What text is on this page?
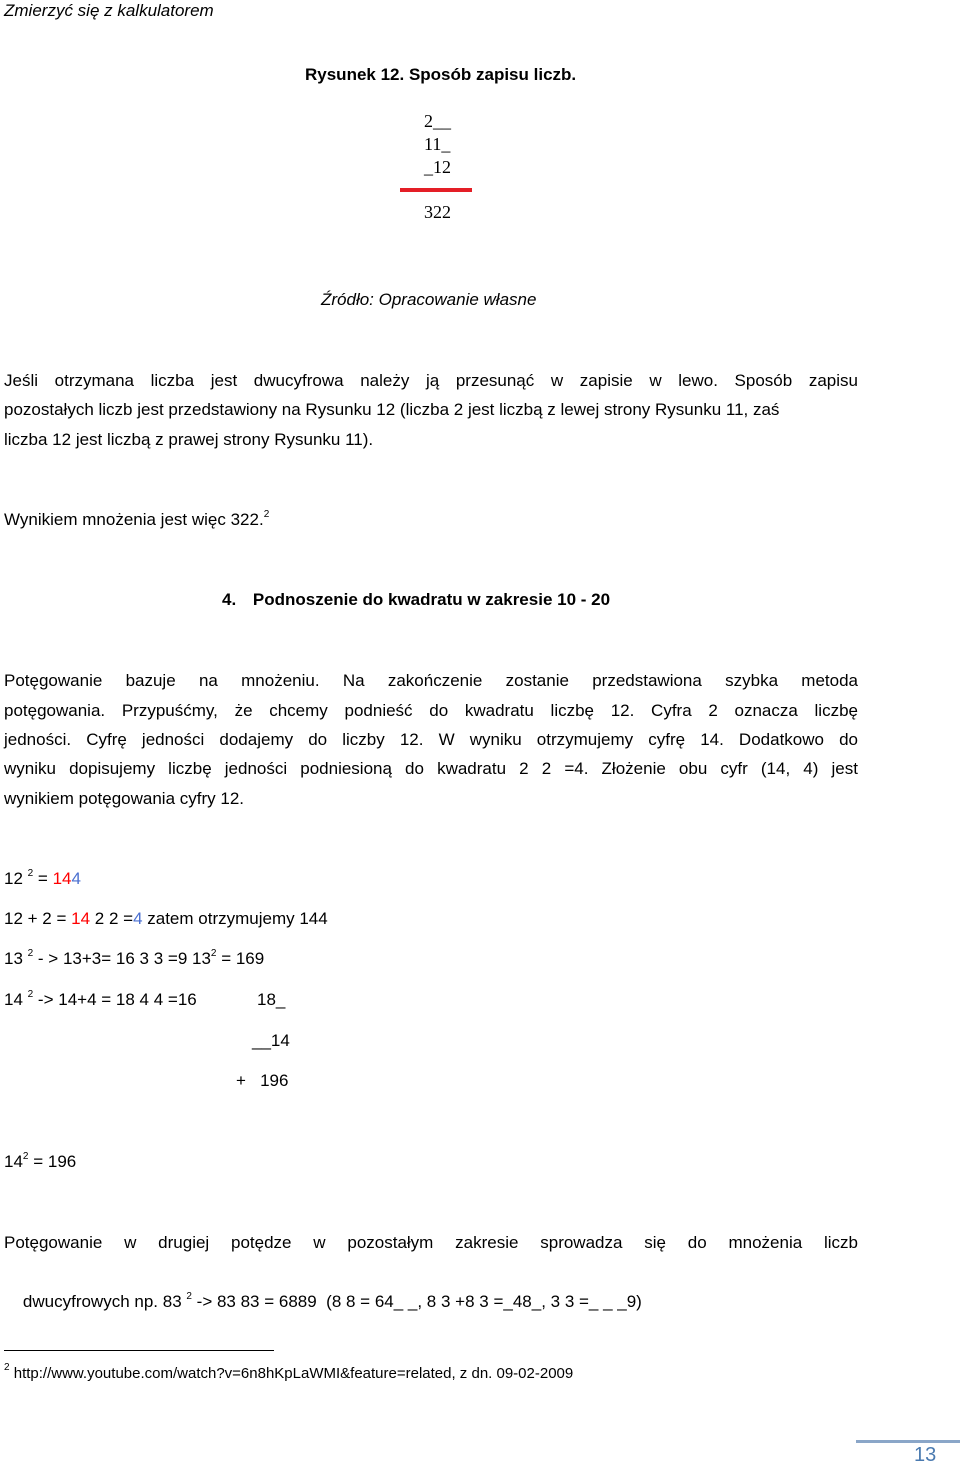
Zmierzyć się z kalkulatorem
Rysunek 12. Sposób zapisu liczb.
2__
11_
_12
322
Źródło: Opracowanie własne
Jeśli otrzymana liczba jest dwucyfrowa należy ją przesunąć w zapisie w lewo. Sposób zapisu
pozostałych liczb jest przedstawiony na Rysunku 12 (liczba 2 jest liczbą z lewej strony Rysunku 11, zaś
liczba 12 jest liczbą z prawej strony Rysunku 11).
Wynikiem mnożenia jest więc 322.$^2$
4. Podnoszenie do kwadratu w zakresie 10 - 20
Potęgowanie bazuje na mnożeniu. Na zakończenie zostanie przedstawiona szybka metoda
potęgowania. Przypuśćmy, że chcemy podnieść do kwadratu liczbę 12. Cyfra 2 oznacza liczbę
jedności. Cyfrę jedności dodajemy do liczby 12. W wyniku otrzymujemy cyfrę 14. Dodatkowo do
wyniku dopisujemy liczbę jedności podniesioną do kwadratu 2 2 =4. Złożenie obu cyfr (14, 4) jest
wynikiem potęgowania cyfry 12.
12 $^2$ = 144
12 + 2 = 14 2 2 =4 zatem otrzymujemy 144
13 $^2$ - > 13+3= 16 3 3 =9 $13^2 = 169$
14 $^2$ -> 14+4 = 18 4 4 =16	18_
__14
+   196
$14^2 = 196$
Potęgowanie w drugiej potędze w pozostałym zakresie sprowadza się do mnożenia liczb

dwucyfrowych np. 83 $^2$ -> 83 83 = 6889  (8 8 = 64_ _, 8 3 +8 3 =_48_, 3 3 =_ _ _9)

$^2$ http://www.youtube.com/watch?v=6n8hKpLaWMI&feature=related, z dn. 09-02-2009
13
